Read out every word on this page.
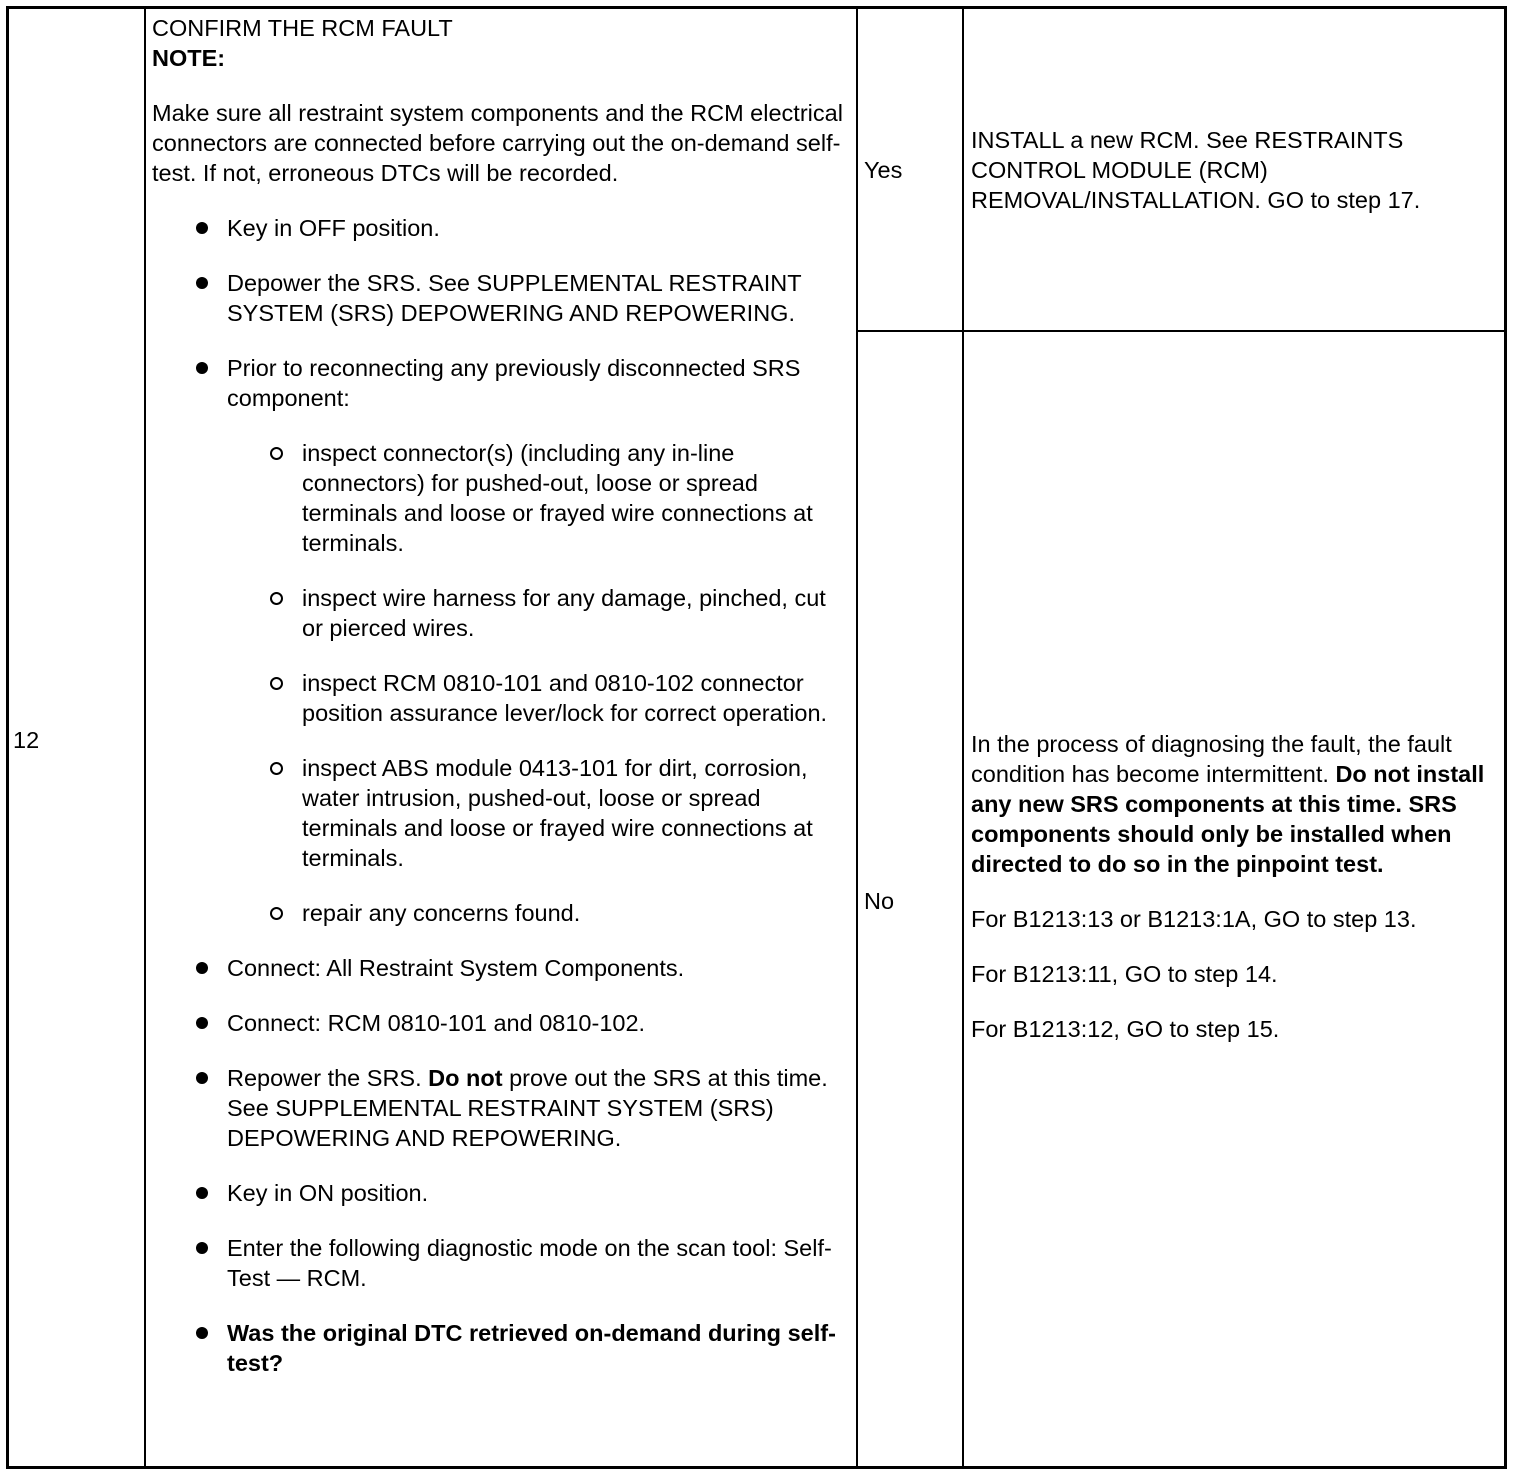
12

CONFIRM THE RCM FAULT

NOTE:

Make sure all restraint system components and the RCM electrical connectors are connected before carrying out the on-demand self-test. If not, erroneous DTCs will be recorded.

Key in OFF position.
Depower the SRS. See SUPPLEMENTAL RESTRAINT SYSTEM (SRS) DEPOWERING AND REPOWERING.
Prior to reconnecting any previously disconnected SRS component:
inspect connector(s) (including any in-line connectors) for pushed-out, loose or spread terminals and loose or frayed wire connections at terminals.
inspect wire harness for any damage, pinched, cut or pierced wires.
inspect RCM 0810-101 and 0810-102 connector position assurance lever/lock for correct operation.
inspect ABS module 0413-101 for dirt, corrosion, water intrusion, pushed-out, loose or spread terminals and loose or frayed wire connections at terminals.
repair any concerns found.
Connect: All Restraint System Components.
Connect: RCM 0810-101 and 0810-102.
Repower the SRS. Do not prove out the SRS at this time. See SUPPLEMENTAL RESTRAINT SYSTEM (SRS) DEPOWERING AND REPOWERING.
Key in ON position.
Enter the following diagnostic mode on the scan tool: Self-Test — RCM.
Was the original DTC retrieved on-demand during self-test?
Yes
INSTALL a new RCM. See RESTRAINTS CONTROL MODULE (RCM) REMOVAL/INSTALLATION. GO to step 17.
No

In the process of diagnosing the fault, the fault condition has become intermittent. Do not install any new SRS components at this time. SRS components should only be installed when directed to do so in the pinpoint test.

For B1213:13 or B1213:1A, GO to step 13.

For B1213:11, GO to step 14.

For B1213:12, GO to step 15.
